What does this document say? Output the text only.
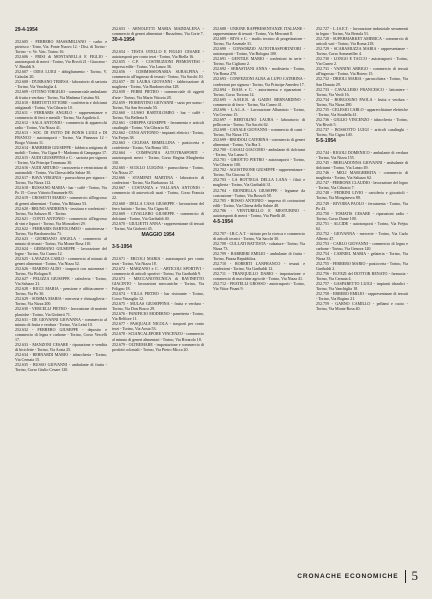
29-4-1954

252.605 - FERRERO MASSIMILIANO - carbo e pietrisco - Trino, Via. Ponte Nuovo 12. - Dist. di Torino - Torino - v. Ve. Vaic. Torino 16.

252.606 - FRISI di MONTANELLA E FIGLIO - autotrasporti di merci - Torino, Via Rivoli 21 - Giacomo - V. Rinaldi S.

252.607 - ODIA LUIGI - abbigliamento - Torino, V. Calzolai 20.

252.608 - D'URBANO TERESA - laboratorio di sartoria - Torino, Via Vanchiglia 4.

252.609 - OTTINO VIRGILIO - commerciale ambulante di frutta e verdura - Torino, Via Madama Cristina 94.

252.610 - BERTOTTI ETTORE - confetteria e dolciumi artigianali - Torino, Via Cibrario 10.

252.611 - FERRARIS ANGELO - rappresentanze e commercio di ferri e metalli - Torino, Via Aquileia 4.

252.612 - SALA ANTONIO - commercio di apparecchi radio - Torino, Via Nizza 41.

252.613 - SOC. DI FATTO DE BONIS LUIGI e DI FRANCO - autotrasporti - Torino, Via Pianezza 12 - Borgo Vittoria 11.

252.614 - BARBERIS GIUSEPPE - fabbrica artigiana di mobili - Torino, Via Cigna 9 - Madonna di Campagna 17.

252.615 - AUDI GIUSEPPINA e C. - sartoria per signora - Torino, Via Principe Tommaso 30.

252.616 - AUDI ARTURO - carrozzeria e verniciatura di automobili - Torino, Via Chiesa della Salute 30.

252.617 - BAVA VIRGINIA - parrucchiera per signora - Torino, Via Nizza 112.

252.618 - BUSSANO MARIA - bar - caffè - Torino, Via Po 15 - Corso Vittorio Emanuele 83.

252.619 - CROSETTI MARIO - commercio all'ingrosso di generi alimentari - Torino, Via Bibiana 53.

252.620 - BRUNO ANDREINA - tessitura e confezioni - Torino, Via Saluzzo 81 - Torino.

252.621 - CONTI ANTONIO - commercio all'ingrosso di vini e liquori - Torino, Via Moncalieri 29.

252.622 - FERRARIS BARTOLOMEO - autorimessa - Torino, Via Bardonecchia 71.

252.623 - GIORDANO ANGELA - commercio al minuto di tessuti - Torino, Via Monte Rosa 110.

252.624 - GERMANO GIUSEPPE - lavorazione del legno - Torino, Via Cuneo 12.

252.625 - LAVAZZA CARLO - commercio al minuto di generi alimentari - Torino, Via Nizza 52.

252.626 - MARINO ALDO - trasporti con automezzi - Torino, Via Bologna 8.

252.627 - PELIZZA GIUSEPPE - calzoleria - Torino, Via Saluzzo 21.

252.628 - RICCI MARIA - pensione e affittacamere - Torino, Via Po 30.

252.629 - SOMMA MARIA - merceria e chincaglieria - Torino, Via Nizza 200.

252.630 - VERCELLI PIETRO - lavorazione di materie plastiche - Torino, Via Gioberti 71.

252.631 - DE GIOVANNI GIOVANNA - commercio al minuto di frutta e verdura - Torino, Via Leinì 10.

252.632 - FERRERO GIUSEPPE - deposito e commercio di legna e carbone - Torino, Corso Vercelli 17.

252.633 - MANZONI CESARE - riparazione e vendita di biciclette - Torino, Via Aosta 25.

252.634 - BERNARDI MARIO - tabaccheria - Torino, Via Cernaia 15.

252.635 - BUSSO GIOVANNI - ambulante di frutta - Torino, Corso Giulio Cesare 120.

252.653 - ARNOLETTI MARIA MADDALENA - commercio di generi alimentari - Bussoleno, Via Corte 7.

30-4-1954

252.654 - TESTA OTELLO E FIGLIO CESARE - autotrasporti per conto terzi - Torino, Via Biella 16.

252.655 - C.P. - COSTRUZIONI PIEMONTESI - impresa edile - Torino, Via Lanzo 36.

252.656 - COMMISSIONARIA SUBALPINA - commercio all'ingrosso di tessuti - Torino, Via Sacchi 10.

252.657 - DI LAURA GIOVANNI - fabbricazione di maglieria - Torino, Via Bardonecchia 128.

252.658 - FERRI PIETRO - commerciale di oggetti d'arte - Torino, Via Maria Vittoria 28.

252.659 - FIORENTINO GIOVANNI - sarto per uomo - Torino, Via San Secondo 55.

252.660 - LUSSO BARTOLOMEO - bar - caffè - Torino, Via Bellezia 8.

252.661 - CHIEPPA GIUSEPPE - ferramenta e articoli casalinghi - Torino, Via Cibrario 82.

252.662 - CENA ANTONIO - impianti elettrici - Torino, Via Frejus 38.

252.663 - CELESIA ERMELLINA - pasticceria e confetteria - Torino, Via Roma 101.

252.664 - COMPAGNIA AUTOTRASPORTI - autotrasporti merci - Torino, Corso Regina Margherita 150.

252.665 - SCOLLO LUIGINA - parrucchiera - Torino, Via Nizza 27.

252.666 - STAMPATI MARTINA - laboratorio di confezioni - Torino, Via Barbaroux 14.

252.667 - COSTANZA e VALLANA ANTONIO - commercio di autoveicoli usati - Torino, Corso Francia 22.

252.668 - DELLA CASA GIUSEPPE - lavorazione del ferro battuto - Torino, Via Cigna 61.

252.669 - CIVALLERO GIUSEPPE - commercio di dolciumi - Torino, Via Garibaldi 40.

252.670 - GIULIETTI ANNA - rappresentanze di tessuti - Torino, Via Gioberti 45.

MAGGIO 1954

3-5-1954

252.671 - ERCOLI MARIA - autotrasporti per conto terzi - Torino, Via Nizza 18.

252.672 - MARZANO e C. - ARTICOLI SPORTIVI - commercio di articoli sportivi - Torino, Via Garibaldi 9.

252.673 - MECCANOTECNICA di BAVINETTO GIACINTO - lavorazioni meccaniche - Torino, Via Foligno 18.

252.674 - VILLA PIETRO - bar ristorante - Torino, Corso Vinzaglio 12.

252.675 - MULAS GIUSEPPINA - frutta e verdura - Torino, Via Don Bosco 29.

252.676 - PANIFICIO MODERNO - panetteria - Torino, Via Belfiore 11.

252.677 - PASQUALE NICOLA - trasporti per conto terzi - Torino, Via Aosta 53.

252.678 - SCIANCALEPORE VINCENZO - commercio al minuto di generi alimentari - Torino, Via Rivarolo 18.

252.679 - OLTREMARE - importazione e commercio di prodotti coloniali - Torino, Via Pietro Micca 20.

252.688 - UNIONE RAPPRESENTANZE ITALIANE - rappresentanze di tessuti - Torino, Via Mercanti 8.

252.689 - RIVA e C. - studio tecnico di progettazione - Torino, Via Arsenale 31.

252.690 - CONSORZIO AUTOTRASPORTATORI - autotrasporti - Torino, Via Bologna 100.

252.691 - GENTILE MARIO - confezioni in serie - Torino, Via Cigliano 2.

252.692 - SEBASTIANI ANNA - modisteria - Torino, Via Roma 270.

252.693 - CONFEZIONI ALBA di LUPO CATERINA - confezioni per signora - Torino, Via Principe Amedeo 17.

252.694 - ISAIA e C. - autorimessa e riparazioni - Torino, Corso Tortona 14.

252.695 - A.M.E.B. di GAIDO BERNARDINO - commercio di ferro - Torino, Via Cuneo 41.

252.696 - L.A.L.A. - Lavorazione Alluminio - Torino, Via Cervino 15.

252.697 - BERTOLINO LAURA - laboratorio di pellicceria - Torino, Via Sacchi 62.

252.698 - CANALE GIOVANNI - commercio di carni - Torino, Via Nizza 172.

252.699 - BRODOLI CATERINA - commercio di generi alimentari - Torino, Via Bra 3.

252.700 - CASALI GIACOMO - ambulante di dolciumi - Torino, Via Lanzo 5.

252.701 - GHIOTTO PIETRO - autotrasporti - Torino, Via Cibrario 100.

252.702 - AGOSTINONE GIUSEPPE - rappresentanze - Torino, Via Giacosa 11.

252.703 - LA BOTTEGA DELLA LANA - filati e maglieria - Torino, Via Garibaldi 31.

252.704 - BIONDELLA GIUSEPPE - legname da costruzione - Torino, Via Bossoli 58.

252.705 - ROSSO ANTONIO - impresa di costruzioni edili - Torino, Via Chiesa della Salute 48.

252.706 - VENTURELLO E MESTURINO - autotrasporti di merci - Torino, Via Pinelli 40.

4-5-1954

252.707 - I.R.C.A.T. - istituto per la ricerca e commercio di articoli tecnici - Torino, Via Sacchi 30.

252.708 - CULLATI BATTISTA - calzature - Torino, Via Nizza 73.

252.709 - BARBIERI EMILIO - ambulante di frutta - Torino, Piazza Repubblica.

252.710 - ROBERTI LANFRANCO - tessuti e confezioni - Torino, Via Garibaldi 12.

252.711 - TRANQUILLO DARIO - importazione e commercio di macchine agricole - Torino, Via Nizza 41.

252.712 - FRATELLI GROSSO - autotrasporti - Torino, Via Vittor Pisani 9.

252.727 - L.I.S.E.T. - lavorazione industriale serramenti in legno - Torino, Via Bertola 51.

252.728 - SUPERMARKET AMERICA - commercio di articoli vari - Torino, Via Roma 218.

252.729 - SCARAMUZZA MARIA - rappresentanze - Torino, Corso Sommeiller 4.

252.730 - LONGO E TACCO - autotrasporti - Torino, Via Cuneo 2.

252.731 - VANNINI ARRIGO - commercio di tessuti all'ingrosso - Torino, Via Botero 15.

252.732 - DRIOLI MARIA - parrucchiera - Torino, Via San Donato 29.

252.733 - CAVALLERO FRANCESCO - lattoniere - Torino, Via Verdi 16.

252.734 - BORGOGNO PAOLA - frutta e verdura - Torino, Via Nizza 280.

252.735 - CELESIO CARLO - apparecchiature elettriche - Torino, Via Stradella 41.

252.736 - GIGLIO VINCENZO - tabaccheria - Torino, Via Rivoli 5.

252.737 - BOSSOTTO LUIGI - articoli casalinghi - Torino, Via Cigna 140.

5-5-1954

252.744 - RIGOLI DOMENICO - ambulante di verdura - Torino, Via Nizza 155.

252.745 - BREGADONNA GIOVANNI - ambulante di dolciumi - Torino, Via Lanzo 49.

252.746 - MELI MARGHERITA - commercio di maglieria - Torino, Via Saluzzo 62.

252.747 - PERRONE CLAUDIO - lavorazione del legno - Torino, Via Cibrario 7.

252.748 - PEDRINI LIVIO - cartoleria e giocattoli - Torino, Via Monginevro 88.

252.749 - RIVOIRA PAOLO - ferramenta - Torino, Via Po 43.

252.750 - TOMATIS CESARE - riparazioni radio - Torino, Corso Dante 100.

252.751 - ALCIDE - autotrasporti - Torino, Via Fréjus 62.

252.752 - GIOVANNA - mercerie - Torino, Via Carlo Alberto 47.

252.753 - CARLO GIOVANNI - commercio di legna e carbone - Torino, Via Genova 120.

252.754 - CARNIEL MARIA - gelateria - Torino, Via Nizza 33.

252.755 - FERRERO MARIO - pasticceria - Torino, Via Garibaldi 2.

252.756 - ELVEZI del DOTTOR RENATO - farmacia - Torino, Via Cernaia 4.

252.757 - GASPARETTO LUIGI - impianti idraulici - Torino, Via Vanchiglia 18.

252.758 - ERRERO EMILIO - rappresentanze di tessuti - Torino, Via Bogino 21.

252.759 - GARNO CAMILLO - pellami e cuoio - Torino, Via Monte Rosa 40.

CRONACHE ECONOMICHE 5
